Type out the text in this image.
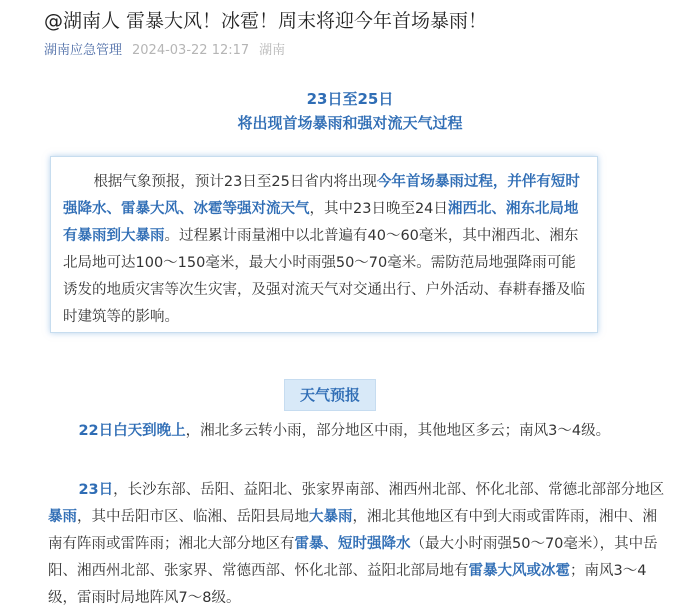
@湖南人 雷暴大风！冰雹！周末将迎今年首场暴雨！
湖南应急管理 2024-03-22 12:17 湖南
23日至25日
将出现首场暴雨和强对流天气过程

根据气象预报，预计23日至25日省内将出现今年首场暴雨过程，并伴有短时强降水、雷暴大风、冰雹等强对流天气，其中23日晚至24日湘西北、湘东北局地有暴雨到大暴雨。过程累计雨量湘中以北普遍有40～60毫米，其中湘西北、湘东北局地可达100～150毫米，最大小时雨强50～70毫米。需防范局地强降雨可能诱发的地质灾害等次生灾害，及强对流天气对交通出行、户外活动、春耕春播及临时建筑等的影响。

天气预报

22日白天到晚上，湘北多云转小雨，部分地区中雨，其他地区多云；南风3～4级。

23日，长沙东部、岳阳、益阳北、张家界南部、湘西州北部、怀化北部、常德北部部分地区暴雨，其中岳阳市区、临湘、岳阳县局地大暴雨，湘北其他地区有中到大雨或雷阵雨，湘中、湘南有阵雨或雷阵雨；湘北大部分地区有雷暴、短时强降水（最大小时雨强50～70毫米），其中岳阳、湘西州北部、张家界、常德西部、怀化北部、益阳北部局地有雷暴大风或冰雹；南风3～4级，雷雨时局地阵风7～8级。
